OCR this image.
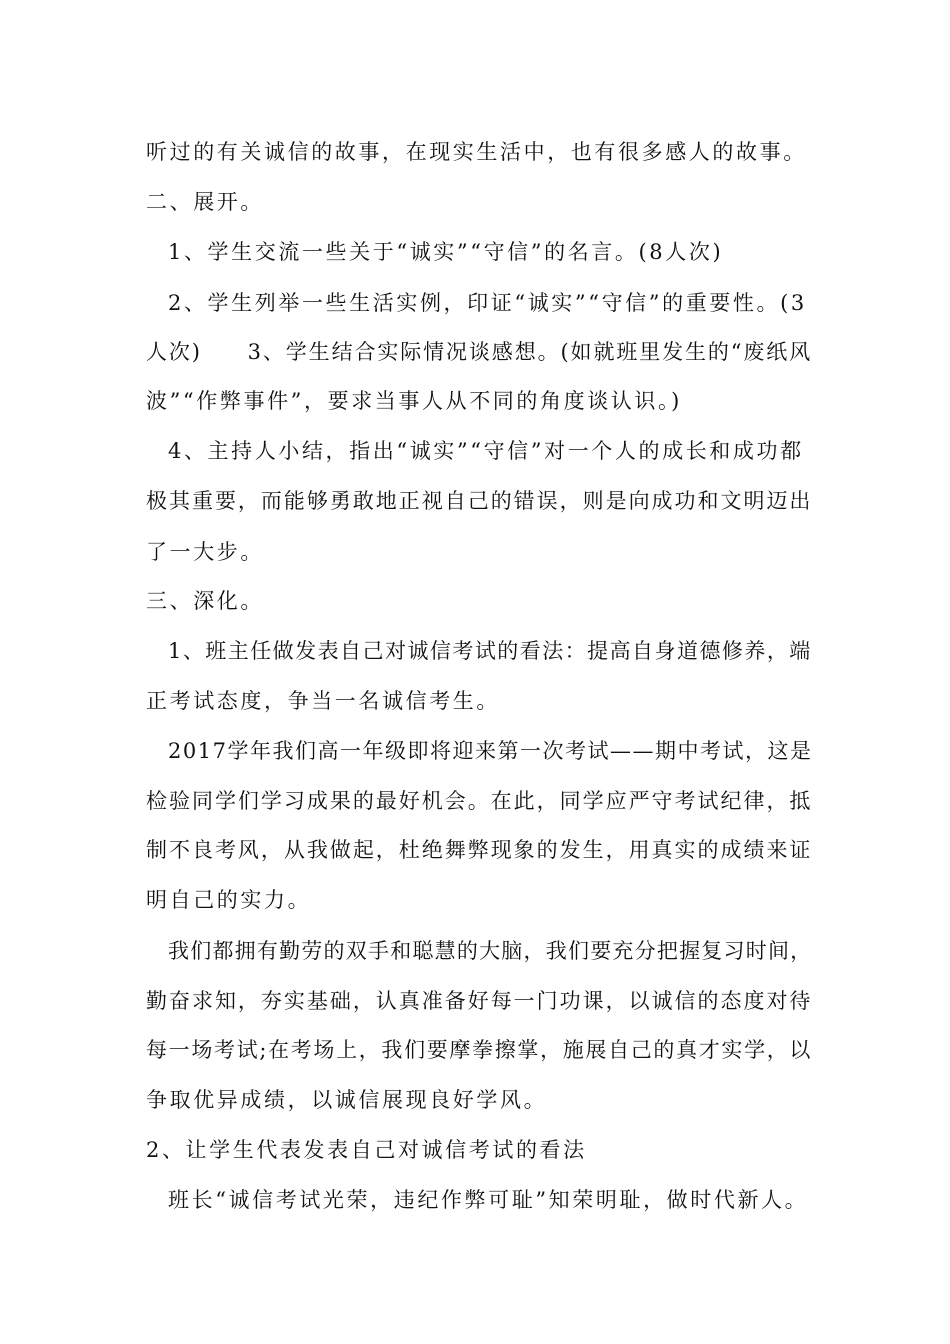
听过的有关诚信的故事，在现实生活中，也有很多感人的故事。

二、展开。

1、学生交流一些关于“诚实”“守信”的名言。(8人次)

2、学生列举一些生活实例，印证“诚实”“守信”的重要性。(3

人次)　　3、学生结合实际情况谈感想。(如就班里发生的“废纸风

波”“作弊事件”，要求当事人从不同的角度谈认识。)

4、主持人小结，指出“诚实”“守信”对一个人的成长和成功都

极其重要，而能够勇敢地正视自己的错误，则是向成功和文明迈出

了一大步。

三、深化。

1、班主任做发表自己对诚信考试的看法：提高自身道德修养，端

正考试态度，争当一名诚信考生。

2017学年我们高一年级即将迎来第一次考试——期中考试，这是

检验同学们学习成果的最好机会。在此，同学应严守考试纪律，抵

制不良考风，从我做起，杜绝舞弊现象的发生，用真实的成绩来证

明自己的实力。

我们都拥有勤劳的双手和聪慧的大脑，我们要充分把握复习时间，

勤奋求知，夯实基础，认真准备好每一门功课，以诚信的态度对待

每一场考试;在考场上，我们要摩拳擦掌，施展自己的真才实学，以

争取优异成绩，以诚信展现良好学风。

2、让学生代表发表自己对诚信考试的看法

班长“诚信考试光荣，违纪作弊可耻”知荣明耻，做时代新人。
